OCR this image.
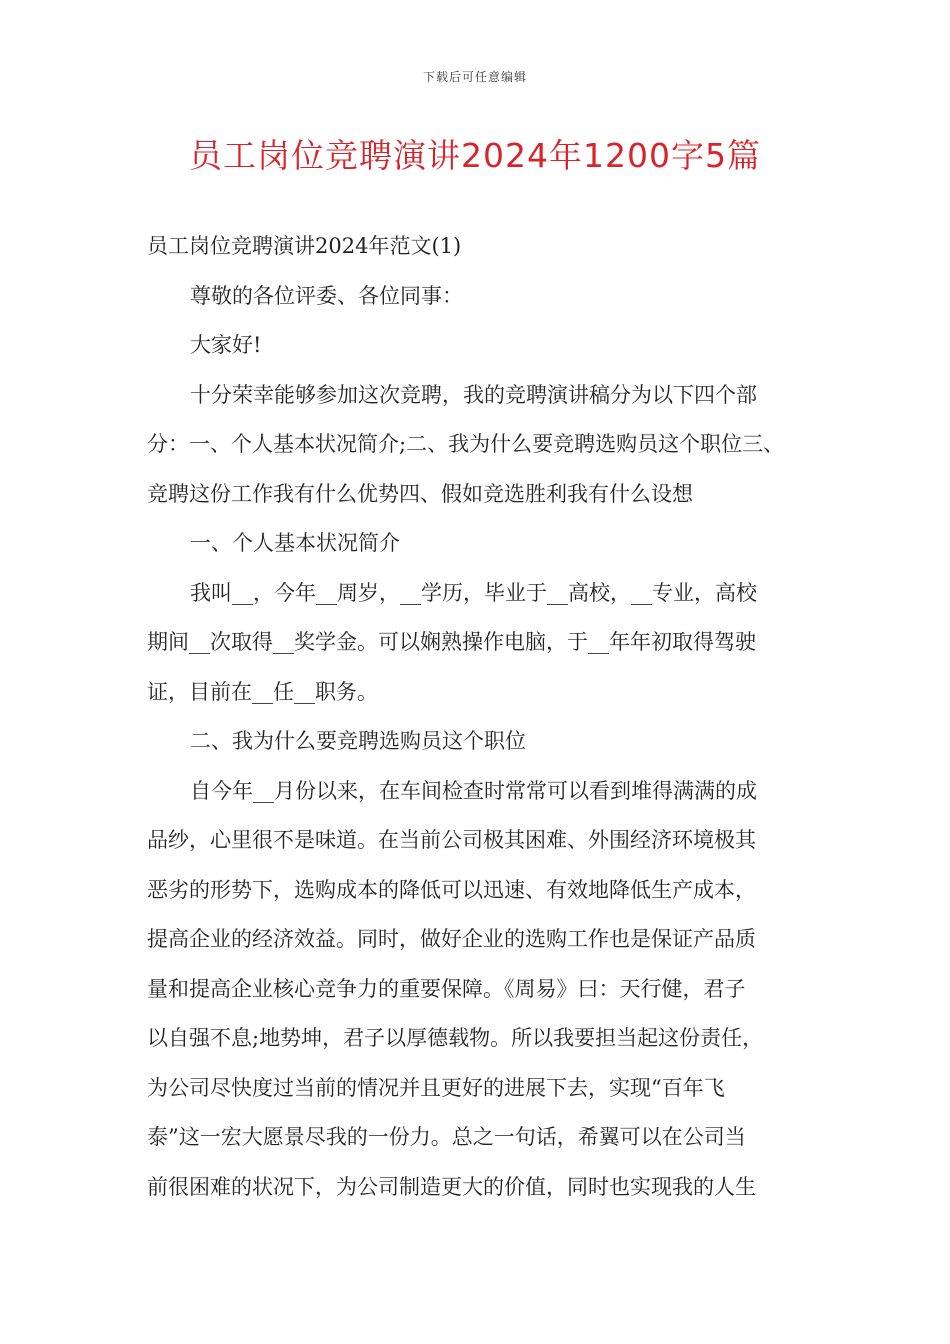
下载后可任意编辑
员工岗位竞聘演讲2024年1200字5篇
员工岗位竞聘演讲2024年范文(1)
尊敬的各位评委、各位同事：
大家好!
十分荣幸能够参加这次竞聘，我的竞聘演讲稿分为以下四个部
分：一、个人基本状况简介;二、我为什么要竞聘选购员这个职位三、
竞聘这份工作我有什么优势四、假如竞选胜利我有什么设想
一、个人基本状况简介
我叫__，今年__周岁，__学历，毕业于__高校，__专业，高校
期间__次取得__奖学金。可以娴熟操作电脑，于__年年初取得驾驶
证，目前在__任__职务。
二、我为什么要竞聘选购员这个职位
自今年__月份以来，在车间检查时常常可以看到堆得满满的成
品纱，心里很不是味道。在当前公司极其困难、外围经济环境极其
恶劣的形势下，选购成本的降低可以迅速、有效地降低生产成本，
提高企业的经济效益。同时，做好企业的选购工作也是保证产品质
量和提高企业核心竞争力的重要保障。《周易》曰：天行健，君子
以自强不息;地势坤，君子以厚德载物。所以我要担当起这份责任，
为公司尽快度过当前的情况并且更好的进展下去，实现“百年飞
泰”这一宏大愿景尽我的一份力。总之一句话，希翼可以在公司当
前很困难的状况下，为公司制造更大的价值，同时也实现我的人生
